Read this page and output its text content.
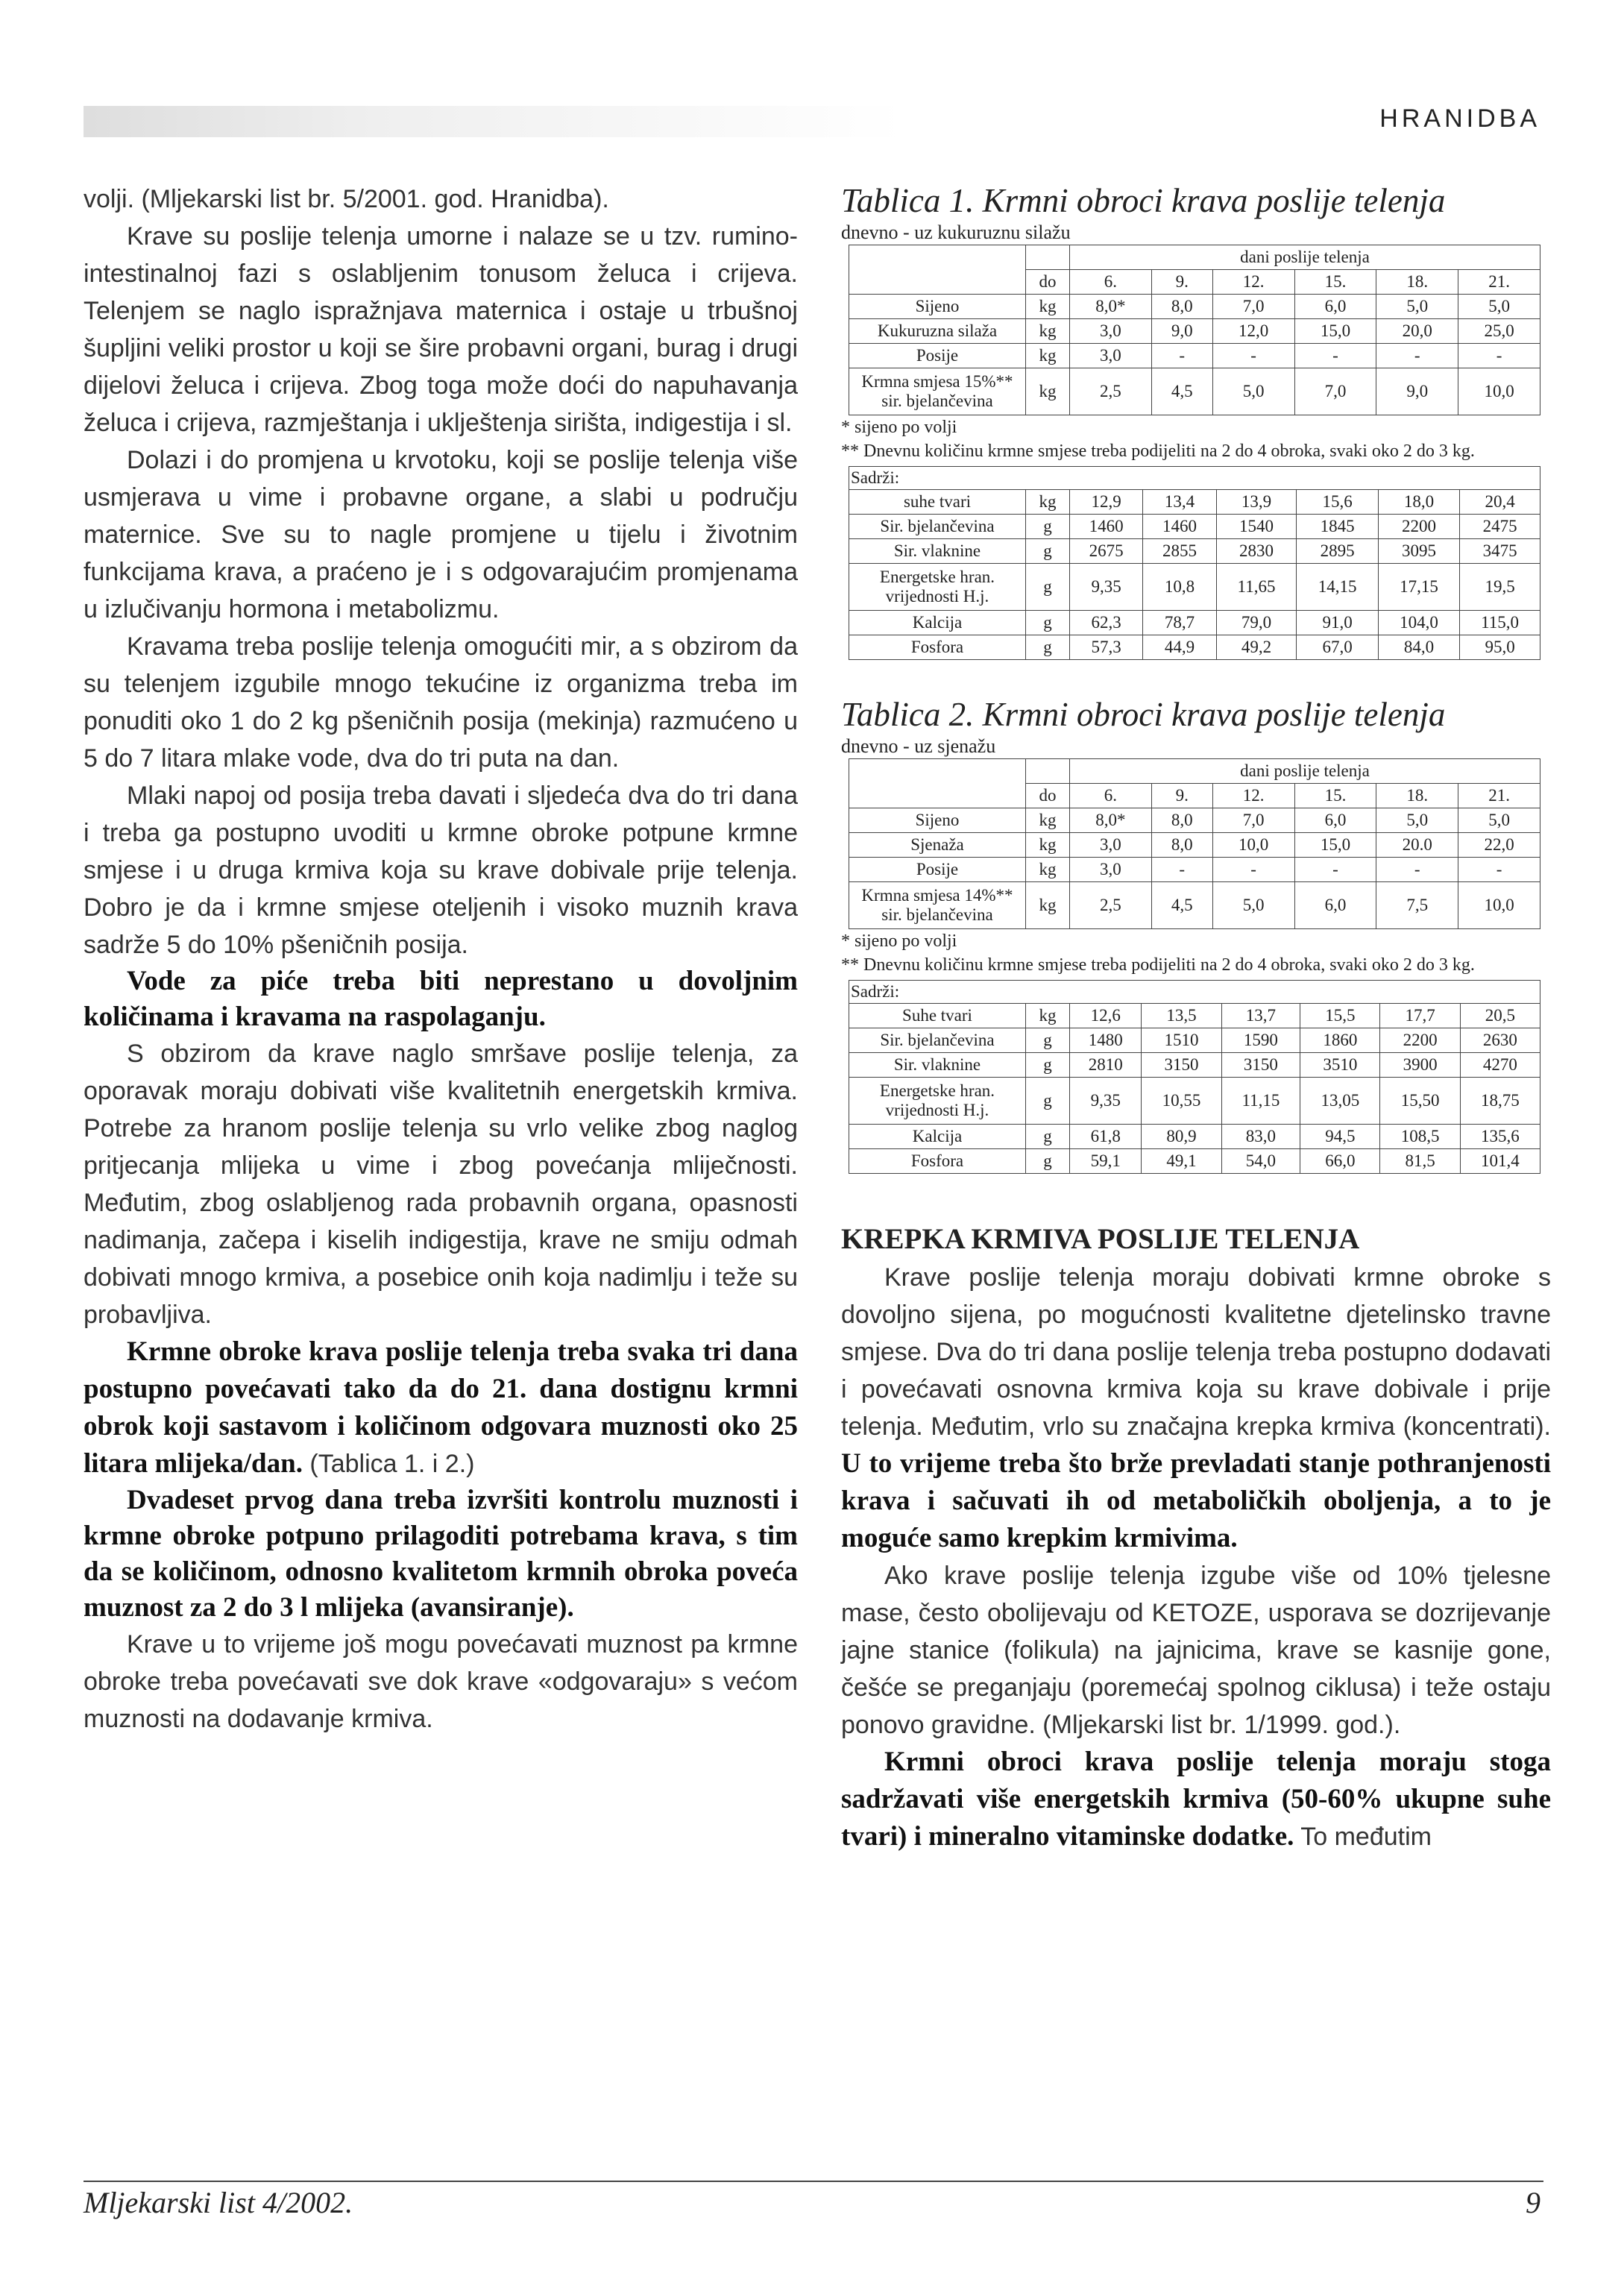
HRANIDBA

volji. (Mljekarski list br. 5/2001. god. Hranidba).

Krave su poslije telenja umorne i nalaze se u tzv. rumino-intestinalnoj fazi s oslabljenim tonusom želuca i crijeva. Telenjem se naglo ispražnjava maternica i ostaje u trbušnoj šupljini veliki prostor u koji se šire probavni organi, burag i drugi dijelovi želuca i crijeva. Zbog toga može doći do napuhavanja želuca i crijeva, razmještanja i uklještenja sirišta, indigestija i sl.

Dolazi i do promjena u krvotoku, koji se poslije telenja više usmjerava u vime i probavne organe, a slabi u području maternice. Sve su to nagle promjene u tijelu i životnim funkcijama krava, a praćeno je i s odgovarajućim promjenama u izlučivanju hormona i metabolizmu.

Kravama treba poslije telenja omogućiti mir, a s obzirom da su telenjem izgubile mnogo tekućine iz organizma treba im ponuditi oko 1 do 2 kg pšeničnih posija (mekinja) razmućeno u 5 do 7 litara mlake vode, dva do tri puta na dan.

Mlaki napoj od posija treba davati i sljedeća dva do tri dana i treba ga postupno uvoditi u krmne obroke potpune krmne smjese i u druga krmiva koja su krave dobivale prije telenja. Dobro je da i krmne smjese oteljenih i visoko muznih krava sadrže 5 do 10% pšeničnih posija.

Vode za piće treba biti neprestano u dovoljnim količinama i kravama na raspolaganju.

S obzirom da krave naglo smršave poslije telenja, za oporavak moraju dobivati više kvalitetnih energetskih krmiva. Potrebe za hranom poslije telenja su vrlo velike zbog naglog pritjecanja mlijeka u vime i zbog povećanja mliječnosti. Međutim, zbog oslabljenog rada probavnih organa, opasnosti nadimanja, začepa i kiselih indigestija, krave ne smiju odmah dobivati mnogo krmiva, a posebice onih koja nadimlju i teže su probavljiva.

Krmne obroke krava poslije telenja treba svaka tri dana postupno povećavati tako da do 21. dana dostignu krmni obrok koji sastavom i količinom odgovara muznosti oko 25 litara mlijeka/dan. (Tablica 1. i 2.)

Dvadeset prvog dana treba izvršiti kontrolu muznosti i krmne obroke potpuno prilagoditi potrebama krava, s tim da se količinom, odnosno kvalitetom krmnih obroka poveća muznost za 2 do 3 l mlijeka (avansiranje).

Krave u to vrijeme još mogu povećavati muznost pa krmne obroke treba povećavati sve dok krave «odgovaraju» s većom muznosti na dodavanje krmiva.

Tablica 1. Krmni obroci krava poslije telenja

dnevno - uz kukuruznu silažu

		dani poslije telenja					
	do	6.	9.	12.	15.	18.	21.
Sijeno	kg	8,0*	8,0	7,0	6,0	5,0	5,0
Kukuruzna silaža	kg	3,0	9,0	12,0	15,0	20,0	25,0
Posije	kg	3,0	-	-	-	-	-
Krmna smjesa 15%** sir. bjelančevina	kg	2,5	4,5	5,0	7,0	9,0	10,0

* sijeno po volji

** Dnevnu količinu krmne smjese treba podijeliti na 2 do 4 obroka, svaki oko 2 do 3 kg.

Sadrži:							
suhe tvari	kg	12,9	13,4	13,9	15,6	18,0	20,4
Sir. bjelančevina	g	1460	1460	1540	1845	2200	2475
Sir. vlaknine	g	2675	2855	2830	2895	3095	3475
Energetske hran. vrijednosti H.j.	g	9,35	10,8	11,65	14,15	17,15	19,5
Kalcija	g	62,3	78,7	79,0	91,0	104,0	115,0
Fosfora	g	57,3	44,9	49,2	67,0	84,0	95,0

Tablica 2. Krmni obroci krava poslije telenja

dnevno - uz sjenažu

		dani poslije telenja					
	do	6.	9.	12.	15.	18.	21.
Sijeno	kg	8,0*	8,0	7,0	6,0	5,0	5,0
Sjenaža	kg	3,0	8,0	10,0	15,0	20.0	22,0
Posije	kg	3,0	-	-	-	-	-
Krmna smjesa 14%** sir. bjelančevina	kg	2,5	4,5	5,0	6,0	7,5	10,0

* sijeno po volji

** Dnevnu količinu krmne smjese treba podijeliti na 2 do 4 obroka, svaki oko 2 do 3 kg.

Sadrži:							
Suhe tvari	kg	12,6	13,5	13,7	15,5	17,7	20,5
Sir. bjelančevina	g	1480	1510	1590	1860	2200	2630
Sir. vlaknine	g	2810	3150	3150	3510	3900	4270
Energetske hran. vrijednosti H.j.	g	9,35	10,55	11,15	13,05	15,50	18,75
Kalcija	g	61,8	80,9	83,0	94,5	108,5	135,6
Fosfora	g	59,1	49,1	54,0	66,0	81,5	101,4

KREPKA KRMIVA POSLIJE TELENJA

Krave poslije telenja moraju dobivati krmne obroke s dovoljno sijena, po mogućnosti kvalitetne djetelinsko travne smjese. Dva do tri dana poslije telenja treba postupno dodavati i povećavati osnovna krmiva koja su krave dobivale i prije telenja. Međutim, vrlo su značajna krepka krmiva (koncentrati). U to vrijeme treba što brže prevladati stanje pothranjenosti krava i sačuvati ih od metaboličkih oboljenja, a to je moguće samo krepkim krmivima.

Ako krave poslije telenja izgube više od 10% tjelesne mase, često obolijevaju od KETOZE, usporava se dozrijevanje jajne stanice (folikula) na jajnicima, krave se kasnije gone, češće se preganjaju (poremećaj spolnog ciklusa) i teže ostaju ponovo gravidne. (Mljekarski list br. 1/1999. god.).

Krmni obroci krava poslije telenja moraju stoga sadržavati više energetskih krmiva (50-60% ukupne suhe tvari) i mineralno vitaminske dodatke. To međutim

Mljekarski list 4/2002.	9
